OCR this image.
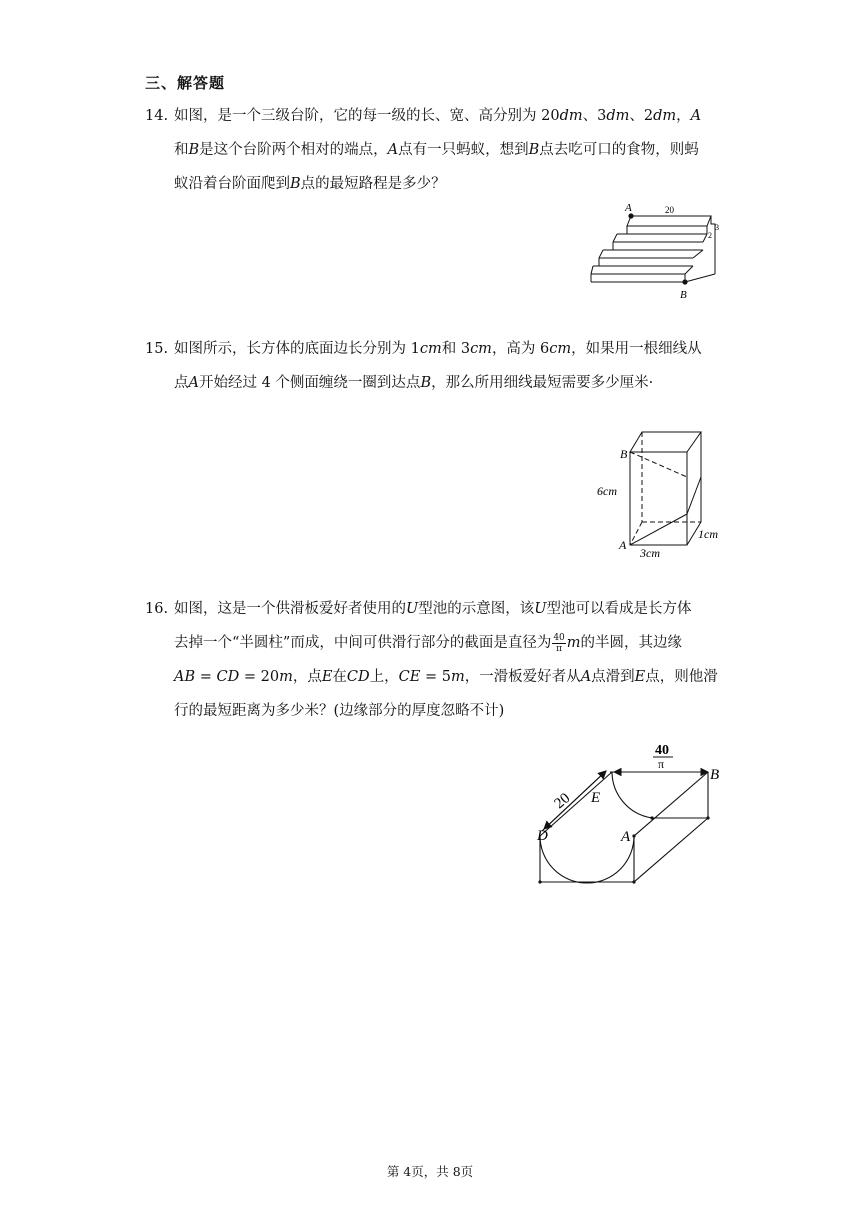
三、解答题
14. 如图，是一个三级台阶，它的每一级的长、宽、高分别为 20dm、3dm、2dm，A
和B是这个台阶两个相对的端点，A点有一只蚂蚁，想到B点去吃可口的食物，则蚂
蚁沿着台阶面爬到B点的最短路程是多少？
A
B
20
3
2
15. 如图所示，长方体的底面边长分别为 1cm和 3cm，高为 6cm，如果用一根细线从
点A开始经过 4 个侧面缠绕一圈到达点B，那么所用细线最短需要多少厘米·
B
A
6cm
3cm
1cm
16. 如图，这是一个供滑板爱好者使用的U型池的示意图，该U型池可以看成是长方体
去掉一个“半圆柱”而成，中间可供滑行部分的截面是直径为 $\frac{40}{\pi}$ m的半圆，其边缘
AB = CD = 20m，点E在CD上，CE = 5m，一滑板爱好者从A点滑到E点，则他滑
行的最短距离为多少米？(边缘部分的厚度忽略不计)
40
π
B
A
D
E
20
第 4页，共 8页
